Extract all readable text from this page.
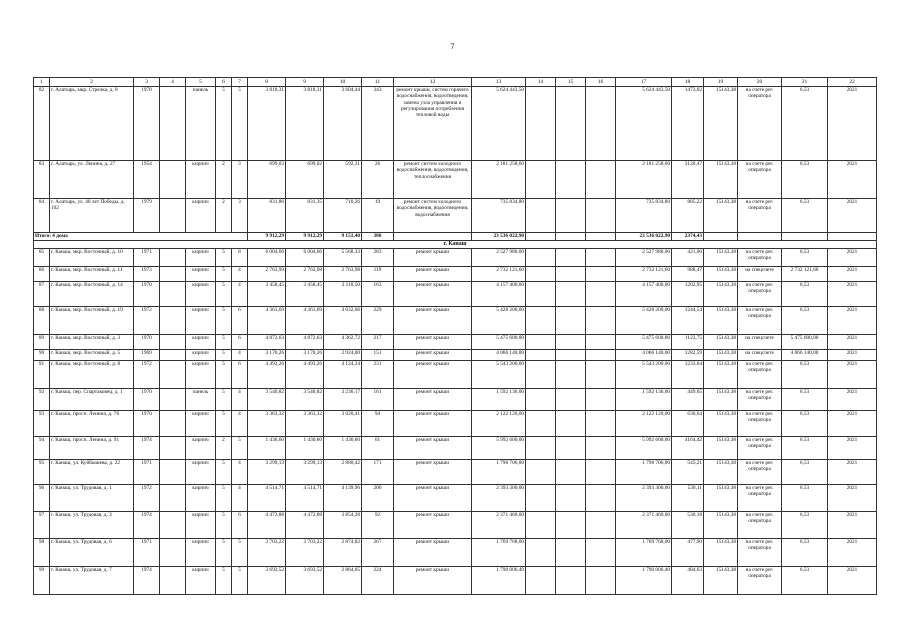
7
1	2	3	4	5	6	7	8	9	10	11	12	13	14	15	16	17	18	19	20	21	22
82	г. Алатырь, мкр. Стрелка, д. 8	1978		панель	5	5	3 818,31	3 818,31	3 604,44	343	ремонт крыши, систем горячего водоснабжения, водоотведения, замена узла управления и регулирования потребления тепловой воды	5 624 443,50				5 624 443,50	1473,02	15143,38	на счете рег. оператора	6,53	2021
83	г. Алатырь, ул. Ленина, д. 27	1954		кирпич	2	3	699,03	699,02	592,31	26	ремонт систем холодного водоснабжения, водоотведения, теплоснабжения	2 181 258,60				2 181 258,60	3120,47	15143,38	на счете рег. оператора	6,53	2021
84	г. Алатырь, ул. 40 лет Победы, д. 102	1979		кирпич	2	3	831,86	831,35	710,26	19	ремонт систем холодного водоснабжения, водоотведения, водоснабжения	735 834,80				735 834,80	885,22	15143,38	на счете рег. оператора	6,53	2021
Итого: 4 дома							9 912,29	9 912,29	9 151,40	380		23 536 022,90				23 536 022,90	2374,43				
г. Канаш																					
85	г. Канаш, мкр. Восточный, д. 10	1971		кирпич	5	8	6 004,66	6 004,66	5 568,33	283	ремонт крыши	2 527 980,00				2 527 980,00	421,00	15143,38	на счете рег. оператора	6,53	2021
86	г. Канаш, мкр. Восточный, д. 11	1973		кирпич	5	4	2 763,99	2 763,98	2 763,98	119	ремонт крыши	2 732 121,60				2 732 121,60	988,47	15143,38	на спецсчете	2 732 121,60	2021
87	г. Канаш, мкр. Восточный, д. 14	1970		кирпич	5	4	3 458,45	3 458,45	3 118,50	163	ремонт крыши	4 157 400,00				4 157 400,00	1202,95	15143,38	на счете рег. оператора	6,53	2021
88	г. Канаш, мкр. Восточный, д. 19	1972		кирпич	5	6	4 361,69	4 361,69	4 032,66	229	ремонт крыши	5 428 200,00				5 428 200,00	1244,54	15143,38	на счете рег. оператора	6,53	2021
89	г. Канаш, мкр. Восточный, д. 3	1970		кирпич	5	6	4 872,63	4 872,63	4 362,72	217	ремонт крыши	5 475 600,00				5 475 600,00	1123,75	15143,38	на спецсчете	5 475 600,00	2021
90	г. Канаш, мкр. Восточный, д. 5	1969		кирпич	5	4	3 170,26	3 170,26	2 924,00	151	ремонт крыши	4 066 140,00				4 066 140,00	1282,59	15143,38	на спецсчете	4 066 140,00	2021
91	г. Канаш, мкр. Восточный, д. 8	1972		кирпич	5	6	4 493,26	4 493,26	4 124,24	231	ремонт крыши	5 543 200,00				5 543 200,00	1233,64	15143,38	на счете рег. оператора	6,53	2021
92	г. Канаш, пер. Спартаковец, д. 1	1970		панель	5	4	3 540,82	3 540,82	3 236,17	161	ремонт крыши	1 592 136,00				1 592 136,00	449,65	15143,38	на счете рег. оператора	6,53	2021
93	г. Канаш, просп. Ленина, д. 76	1970		кирпич	5	4	3 363,32	3 363,32	3 020,41	94	ремонт крыши	2 122 120,00				2 122 120,00	630,64	15143,38	на счете рег. оператора	6,53	2021
94	г. Канаш, просп. Ленина, д. 91	1974		кирпич	2	5	1 436,60	1 436,60	1 436,60	61	ремонт крыши	5 992 600,00				5 992 600,00	4164,42	15143,38	на счете рег. оператора	6,53	2021
95	г. Канаш, ул. Куйбышева, д. 22	1971		кирпич	5	4	3 299,13	3 299,13	2 880,42	171	ремонт крыши	1 798 706,00				1 798 706,00	545,21	15143,38	на счете рег. оператора	6,53	2021
96	г. Канаш, ул. Трудовая, д. 1	1972		кирпич	5	4	4 514,71	4 514,71	4 139,96	200	ремонт крыши	2 393 300,00				2 393 300,00	530,11	15143,38	на счете рег. оператора	6,53	2021
97	г. Канаш, ул. Трудовая, д. 3	1974		кирпич	5	6	4 472,88	4 472,88	3 854,28	92	ремонт крыши	2 371 460,00				2 371 460,00	530,18	15143,38	на счете рег. оператора	6,53	2021
98	г. Канаш, ул. Трудовая, д. 6	1971		кирпич	5	5	3 703,22	3 703,22	2 874,82	267	ремонт крыши	1 769 768,00				1 769 768,00	477,90	15143,38	на счете рег. оператора	6,53	2021
99	г. Канаш, ул. Трудовая, д. 7	1974		кирпич	5	5	3 693,52	3 693,52	2 864,05	224	ремонт крыши	1 790 006,40				1 790 006,40	484,63	15143,38	на счете рег. оператора	6,53	2021
